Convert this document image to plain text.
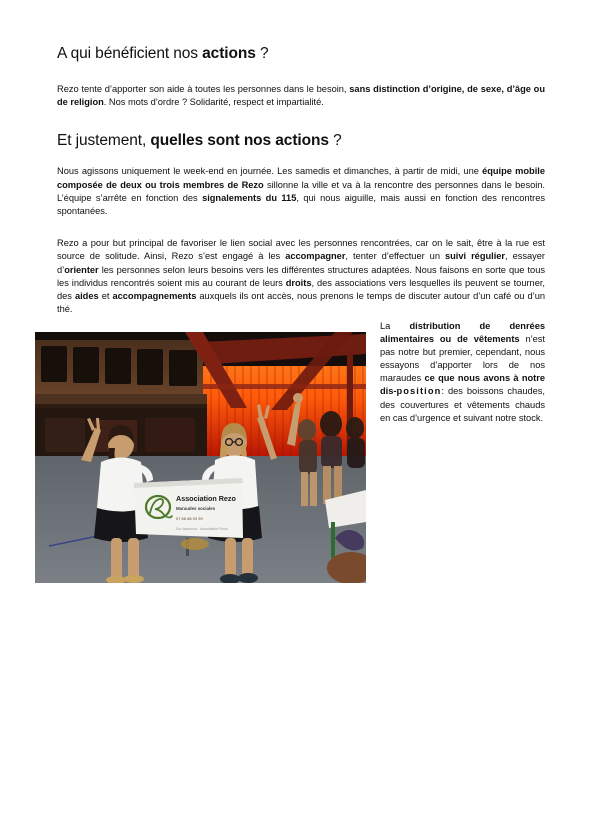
A qui bénéficient nos actions ?

Rezo tente d’apporter son aide à toutes les personnes dans le besoin, sans distinction d’origine, de sexe, d’âge ou de religion. Nos mots d’ordre ? Solidarité, respect et impartialité.

Et justement, quelles sont nos actions ?

Nous agissons uniquement le week-end en journée. Les samedis et dimanches, à partir de midi, une équipe mobile composée de deux ou trois membres de Rezo sillonne la ville et va à la rencontre des personnes dans le besoin. L’équipe s’arrête en fonction des signalements du 115, qui nous aiguille, mais aussi en fonction des rencontres spontanées.

Rezo a pour but principal de favoriser le lien social avec les personnes rencontrées, car on le sait, être à la rue est source de solitude. Ainsi, Rezo s’est engagé à les accompagner, tenter d’effectuer un suivi régulier, essayer d’orienter les personnes selon leurs besoins vers les différentes structures adaptées. Nous faisons en sorte que tous les individus rencontrés soient mis au courant de leurs droits, des associations vers lesquelles ils peuvent se tourner, des aides et accompagnements auxquels ils ont accès, nous prenons le temps de discuter autour d’un café ou d’un thé.

Association Rezo
Maraudes sociales
07 68 88 93 59
Sur facebook : Association Rezo

La distribution de denrées alimentaires ou de vêtements n’est pas notre but premier, cependant, nous essayons d’apporter lors de nos maraudes ce que nous avons à notre dis-position: des boissons chaudes, des couvertures et vêtements chauds en cas d’urgence et suivant notre stock.
